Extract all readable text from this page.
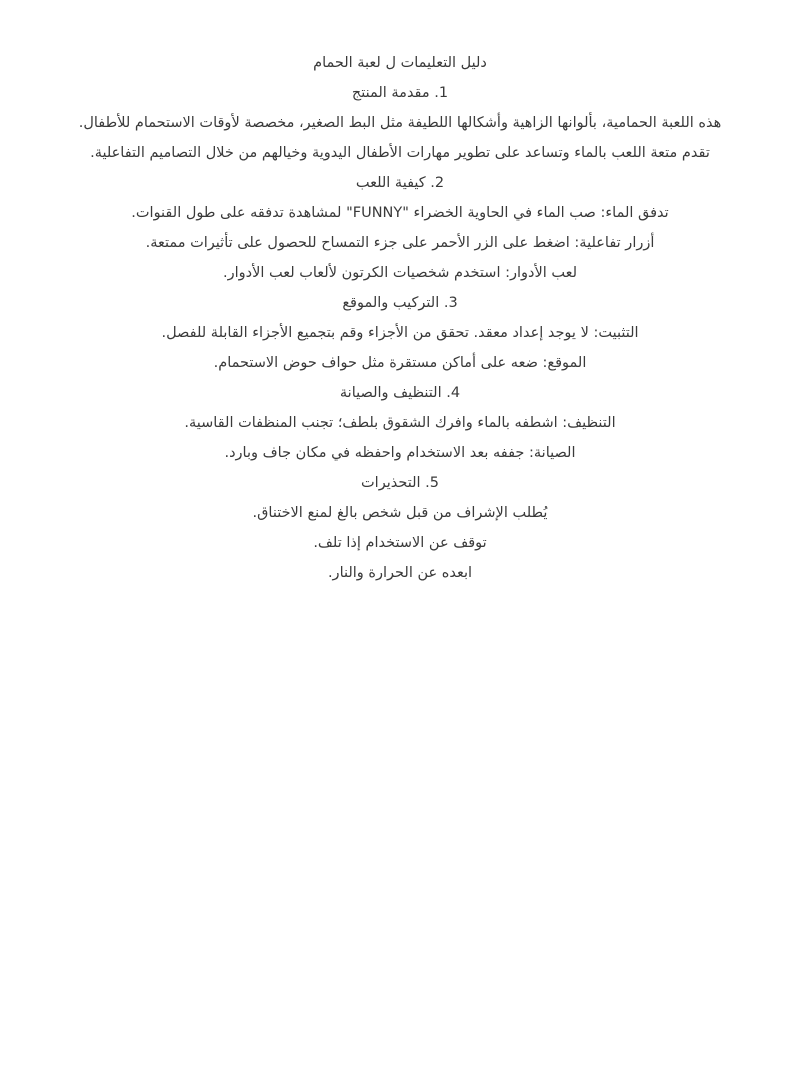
دليل التعليمات ل لعبة الحمام

1. مقدمة المنتج

هذه اللعبة الحمامية، بألوانها الزاهية وأشكالها اللطيفة مثل البط الصغير، مخصصة لأوقات الاستحمام للأطفال. تقدم متعة اللعب بالماء وتساعد على تطوير مهارات الأطفال اليدوية وخيالهم من خلال التصاميم التفاعلية.

2. كيفية اللعب

تدفق الماء: صب الماء في الحاوية الخضراء "FUNNY" لمشاهدة تدفقه على طول القنوات.

أزرار تفاعلية: اضغط على الزر الأحمر على جزء التمساح للحصول على تأثيرات ممتعة.

لعب الأدوار: استخدم شخصيات الكرتون لألعاب لعب الأدوار.

3. التركيب والموقع

التثبيت: لا يوجد إعداد معقد. تحقق من الأجزاء وقم بتجميع الأجزاء القابلة للفصل.

الموقع: ضعه على أماكن مستقرة مثل حواف حوض الاستحمام.

4. التنظيف والصيانة

التنظيف: اشطفه بالماء وافرك الشقوق بلطف؛ تجنب المنظفات القاسية.

الصيانة: جففه بعد الاستخدام واحفظه في مكان جاف وبارد.

5. التحذيرات

يُطلب الإشراف من قبل شخص بالغ لمنع الاختناق.

توقف عن الاستخدام إذا تلف.

ابعده عن الحرارة والنار.
